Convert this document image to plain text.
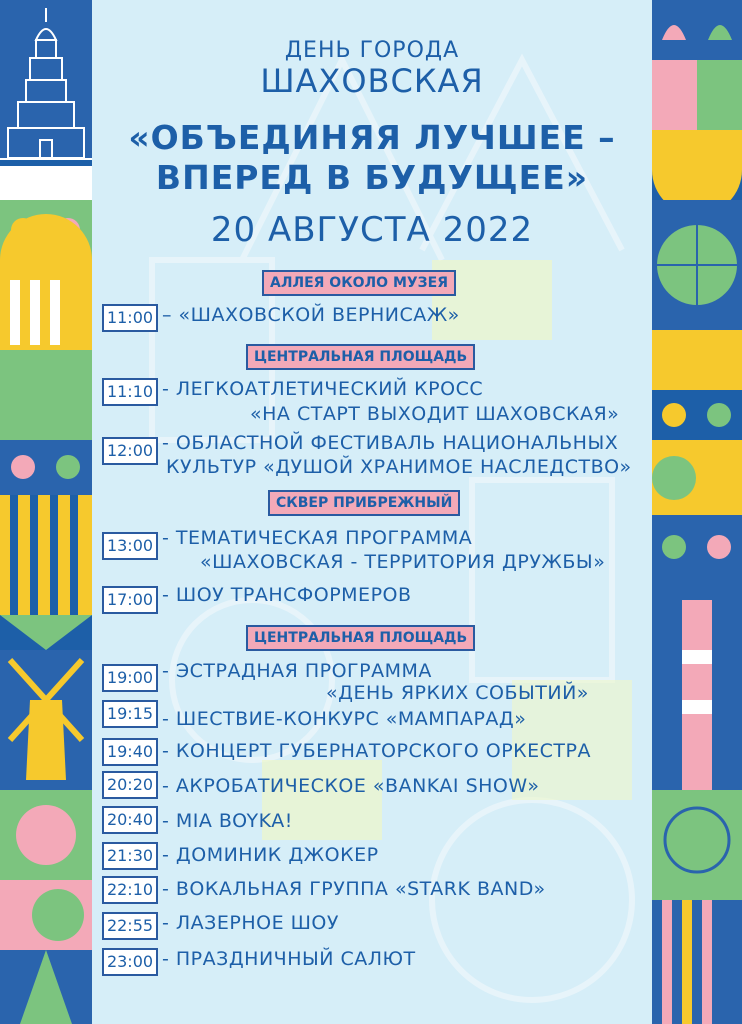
ДЕНЬ ГОРОДА
ШАХОВСКАЯ
«ОБЪЕДИНЯЯ ЛУЧШЕЕ –
ВПЕРЕД В БУДУЩЕЕ»
20 АВГУСТА 2022
АЛЛЕЯ ОКОЛО МУЗЕЯ
ЦЕНТРАЛЬНАЯ ПЛОЩАДЬ
СКВЕР ПРИБРЕЖНЫЙ
ЦЕНТРАЛЬНАЯ ПЛОЩАДЬ
11:00 – «ШАХОВСКОЙ ВЕРНИСАЖ»
11:10 - ЛЕГКОАТЛЕТИЧЕСКИЙ КРОСС
«НА СТАРТ ВЫХОДИТ ШАХОВСКАЯ»
12:00 - ОБЛАСТНОЙ ФЕСТИВАЛЬ НАЦИОНАЛЬНЫХ
КУЛЬТУР «ДУШОЙ ХРАНИМОЕ НАСЛЕДСТВО»
13:00 - ТЕМАТИЧЕСКАЯ ПРОГРАММА
«ШАХОВСКАЯ - ТЕРРИТОРИЯ ДРУЖБЫ»
17:00 - ШОУ ТРАНСФОРМЕРОВ
19:00 - ЭСТРАДНАЯ ПРОГРАММА
«ДЕНЬ ЯРКИХ СОБЫТИЙ»
19:15 - ШЕСТВИЕ-КОНКУРС «МАМПАРАД»
19:40 - КОНЦЕРТ ГУБЕРНАТОРСКОГО ОРКЕСТРА
20:20 - АКРОБАТИЧЕСКОЕ «BANKAI SHOW»
20:40 - MIA BOYKA!
21:30 - ДОМИНИК ДЖОКЕР
22:10 - ВОКАЛЬНАЯ ГРУППА «STARK BAND»
22:55 - ЛАЗЕРНОЕ ШОУ
23:00 - ПРАЗДНИЧНЫЙ САЛЮТ
